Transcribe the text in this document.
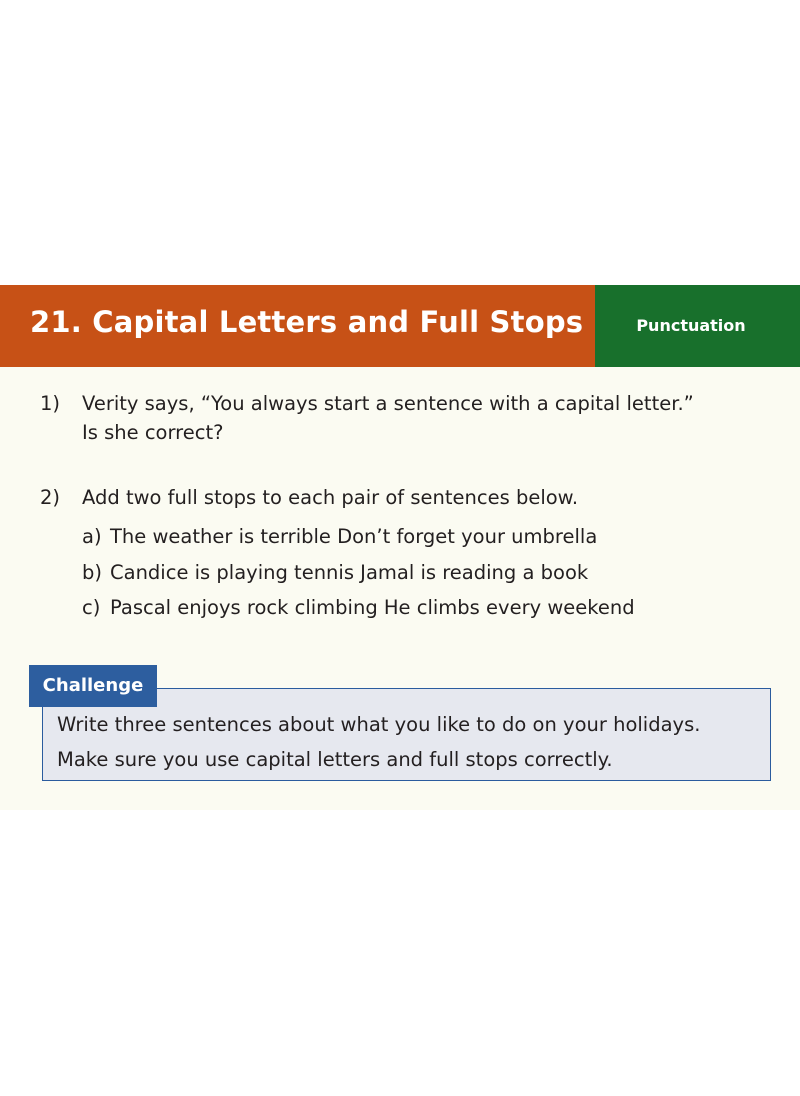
21. Capital Letters and Full Stops	Punctuation
1) Verity says, “You always start a sentence with a capital letter.”
Is she correct?
2) Add two full stops to each pair of sentences below.
a) The weather is terrible Don’t forget your umbrella
b) Candice is playing tennis Jamal is reading a book
c) Pascal enjoys rock climbing He climbs every weekend
Challenge
Write three sentences about what you like to do on your holidays.
Make sure you use capital letters and full stops correctly.
